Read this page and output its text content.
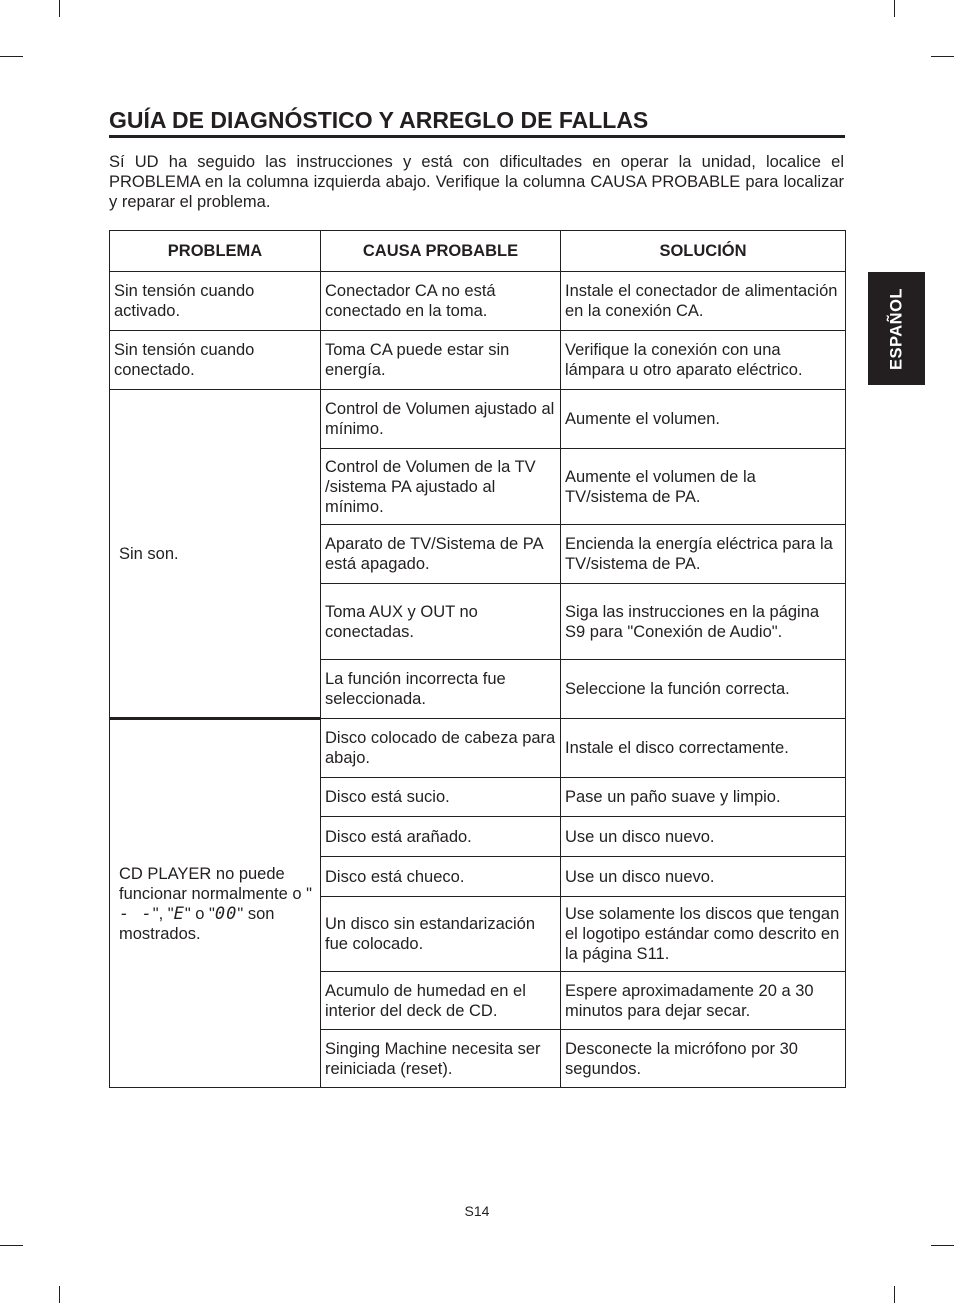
GUÍA DE DIAGNÓSTICO Y ARREGLO DE FALLAS

Sí UD ha seguido las instrucciones y está con dificultades en operar la unidad, localice el PROBLEMA en la columna izquierda abajo. Verifique la columna CAUSA PROBABLE para localizar y reparar el problema.

ESPAÑOL
PROBLEMA	CAUSA PROBABLE	SOLUCIÓN
Sin tensión cuando activado.	Conectador CA no está conectado en la toma.	Instale el conectador de alimentación en la conexión CA.
Sin tensión cuando conectado.	Toma CA puede estar sin energía.	Verifique la conexión con una lámpara u otro aparato eléctrico.
Sin son.	Control de Volumen ajustado al mínimo.	Aumente el volumen.
	Control de Volumen de la TV /sistema PA ajustado al mínimo.	Aumente el volumen de la TV/sistema de PA.
	Aparato de TV/Sistema de PA está apagado.	Encienda la energía eléctrica para la TV/sistema de PA.
	Toma AUX y OUT no conectadas.	Siga las instrucciones en la página S9 para "Conexión de Audio".
	La función incorrecta fue seleccionada.	Seleccione la función correcta.
CD PLAYER no puede funcionar normalmente o "- -", "E" o "00" son mostrados.	Disco colocado de cabeza para abajo.	Instale el disco correctamente.
	Disco está sucio.	Pase un paño suave y limpio.
	Disco está arañado.	Use un disco nuevo.
	Disco está chueco.	Use un disco nuevo.
	Un disco sin estandarización fue colocado.	Use solamente los discos que tengan el logotipo estándar como descrito en la página S11.
	Acumulo de humedad en el interior del deck de CD.	Espere aproximadamente 20 a 30 minutos para dejar secar.
	Singing Machine necesita ser reiniciada (reset).	Desconecte la micrófono por 30 segundos.
S14
